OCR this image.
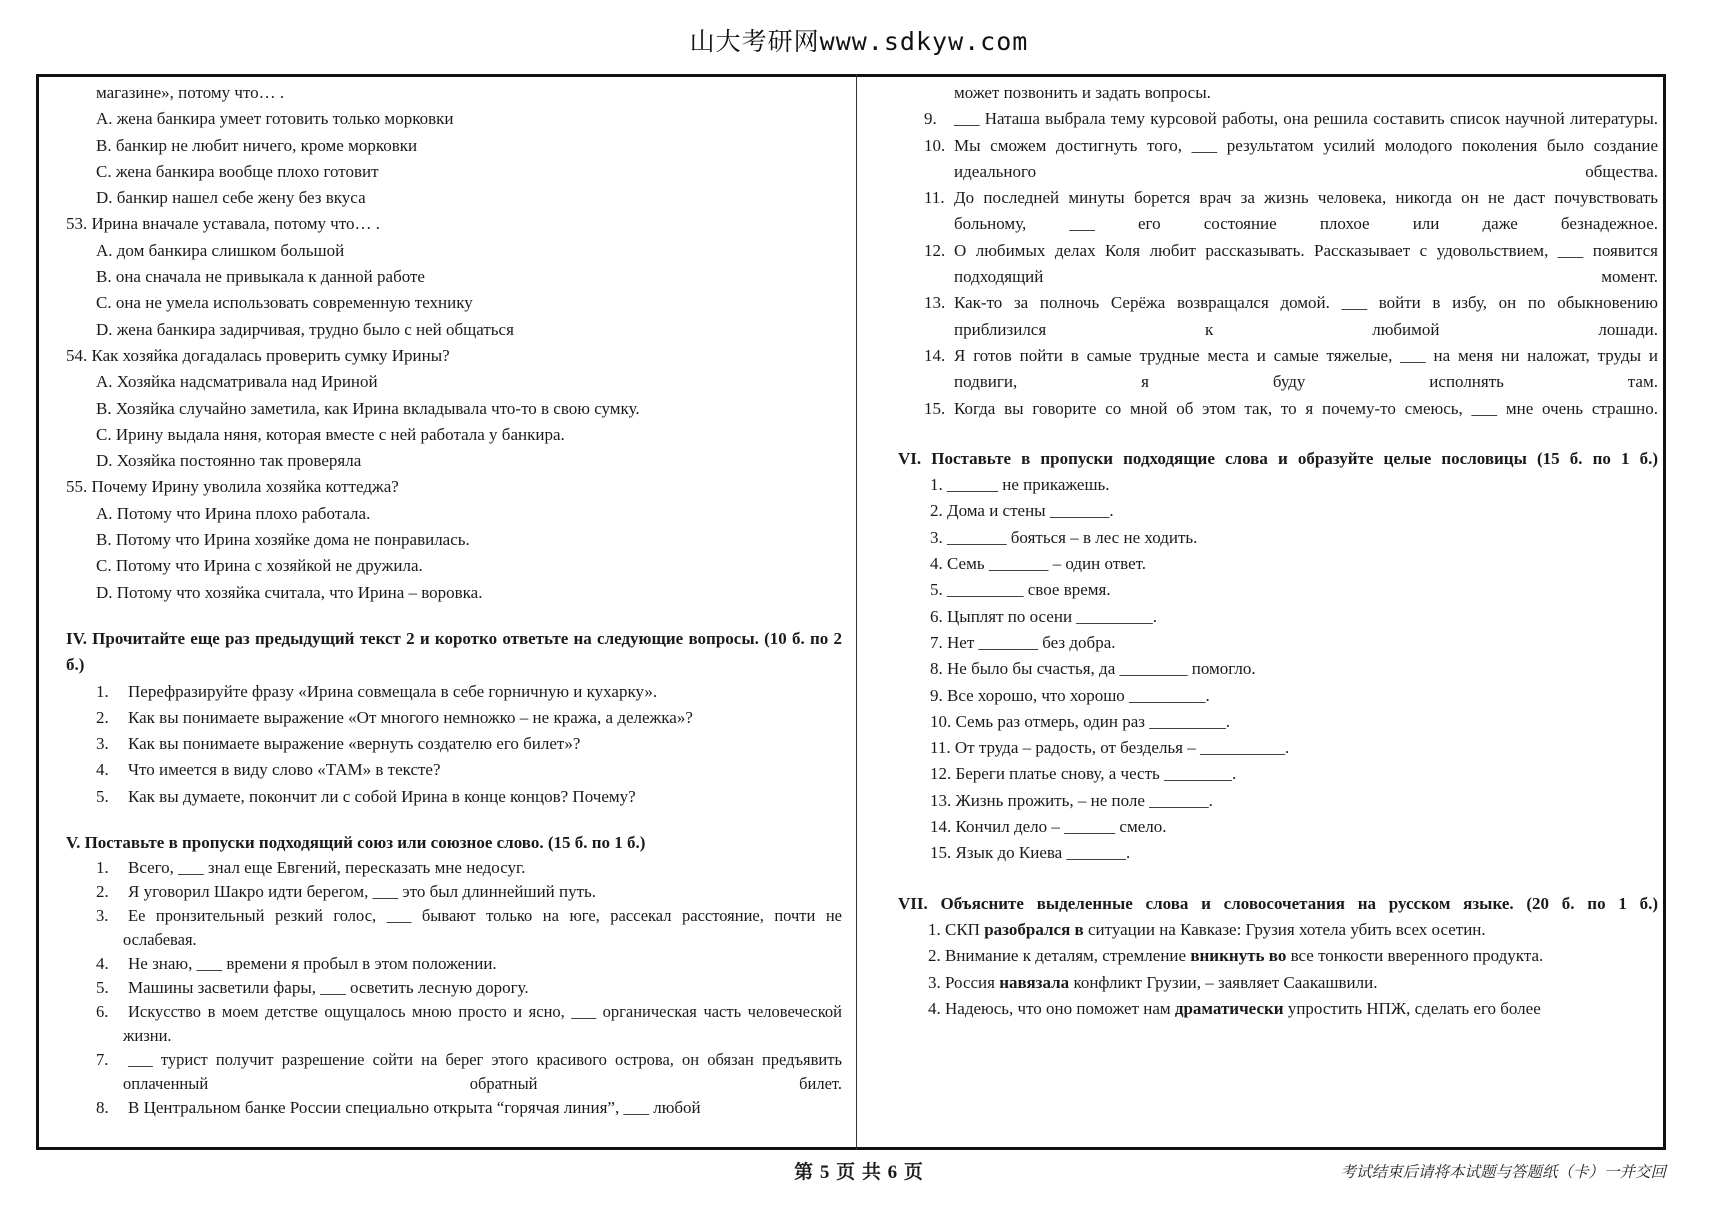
山大考研网www.sdkyw.com
магазине», потому что… .
A. жена банкира умеет готовить только морковки
B. банкир не любит ничего, кроме морковки
C. жена банкира вообще плохо готовит
D. банкир нашел себе жену без вкуса
53. Ирина вначале уставала, потому что… .
A. дом банкира слишком большой
B. она сначала не привыкала к данной работе
C. она не умела использовать современную технику
D. жена банкира задирчивая, трудно было с ней общаться
54. Как хозяйка догадалась проверить сумку Ирины?
A. Хозяйка надсматривала над Ириной
B. Хозяйка случайно заметила, как Ирина вкладывала что-то в свою сумку.
C. Ирину выдала няня, которая вместе с ней работала у банкира.
D. Хозяйка постоянно так проверяла
55. Почему Ирину уволила хозяйка коттеджа?
A. Потому что Ирина плохо работала.
B. Потому что Ирина хозяйке дома не понравилась.
C. Потому что Ирина с хозяйкой не дружила.
D. Потому что хозяйка считала, что Ирина – воровка.
IV. Прочитайте еще раз предыдущий текст 2 и коротко ответьте на следующие вопросы. (10 б. по 2 б.)
1. Перефразируйте фразу «Ирина совмещала в себе горничную и кухарку».
2. Как вы понимаете выражение «От многого немножко – не кража, а дележка»?
3. Как вы понимаете выражение «вернуть создателю его билет»?
4. Что имеется в виду слово «ТАМ» в тексте?
5. Как вы думаете, покончит ли с собой Ирина в конце концов? Почему?
V. Поставьте в пропуски подходящий союз или союзное слово. (15 б. по 1 б.)
1. Всего, ___ знал еще Евгений, пересказать мне недосуг.
2. Я уговорил Шакро идти берегом, ___ это был длиннейший путь.
3. Ее пронзительный резкий голос, ___ бывают только на юге, рассекал расстояние, почти не ослабевая.
4. Не знаю, ___ времени я пробыл в этом положении.
5. Машины засветили фары, ___ осветить лесную дорогу.
6. Искусство в моем детстве ощущалось мною просто и ясно, ___ органическая часть человеческой жизни.
7. ___ турист получит разрешение сойти на берег этого красивого острова, он обязан предъявить оплаченный обратный билет.
8. В Центральном банке России специально открыта “горячая линия”, ___ любой
может позвонить и задать вопросы.
9. ___ Наташа выбрала тему курсовой работы, она решила составить список научной литературы.
10. Мы сможем достигнуть того, ___ результатом усилий молодого поколения было создание идеального общества.
11. До последней минуты борется врач за жизнь человека, никогда он не даст почувствовать больному, ___ его состояние плохое или даже безнадежное.
12. О любимых делах Коля любит рассказывать. Рассказывает с удовольствием, ___ появится подходящий момент.
13. Как-то за полночь Серёжа возвращался домой. ___ войти в избу, он по обыкновению приблизился к любимой лошади.
14. Я готов пойти в самые трудные места и самые тяжелые, ___ на меня ни наложат, труды и подвиги, я буду исполнять там.
15. Когда вы говорите со мной об этом так, то я почему-то смеюсь, ___ мне очень страшно.
VI. Поставьте в пропуски подходящие слова и образуйте целые пословицы (15 б. по 1 б.)
1. ______ не прикажешь.
2. Дома и стены _______.
3. _______ бояться – в лес не ходить.
4. Семь _______ – один ответ.
5. _________ свое время.
6. Цыплят по осени _________.
7. Нет _______ без добра.
8. Не было бы счастья, да ________ помогло.
9. Все хорошо, что хорошо _________.
10. Семь раз отмерь, один раз _________.
11. От труда – радость, от безделья – __________.
12. Береги платье снову, а честь ________.
13. Жизнь прожить, – не поле _______.
14. Кончил дело – ______ смело.
15. Язык до Киева _______.
VII. Объясните выделенные слова и словосочетания на русском языке. (20 б. по 1 б.)
1. СКП разобрался в ситуации на Кавказе: Грузия хотела убить всех осетин.
2. Внимание к деталям, стремление вникнуть во все тонкости вверенного продукта.
3. Россия навязала конфликт Грузии, – заявляет Саакашвили.
4. Надеюсь, что оно поможет нам драматически упростить НПЖ, сделать его более
第 5 页 共 6 页	考试结束后请将本试题与答题纸（卡）一并交回
